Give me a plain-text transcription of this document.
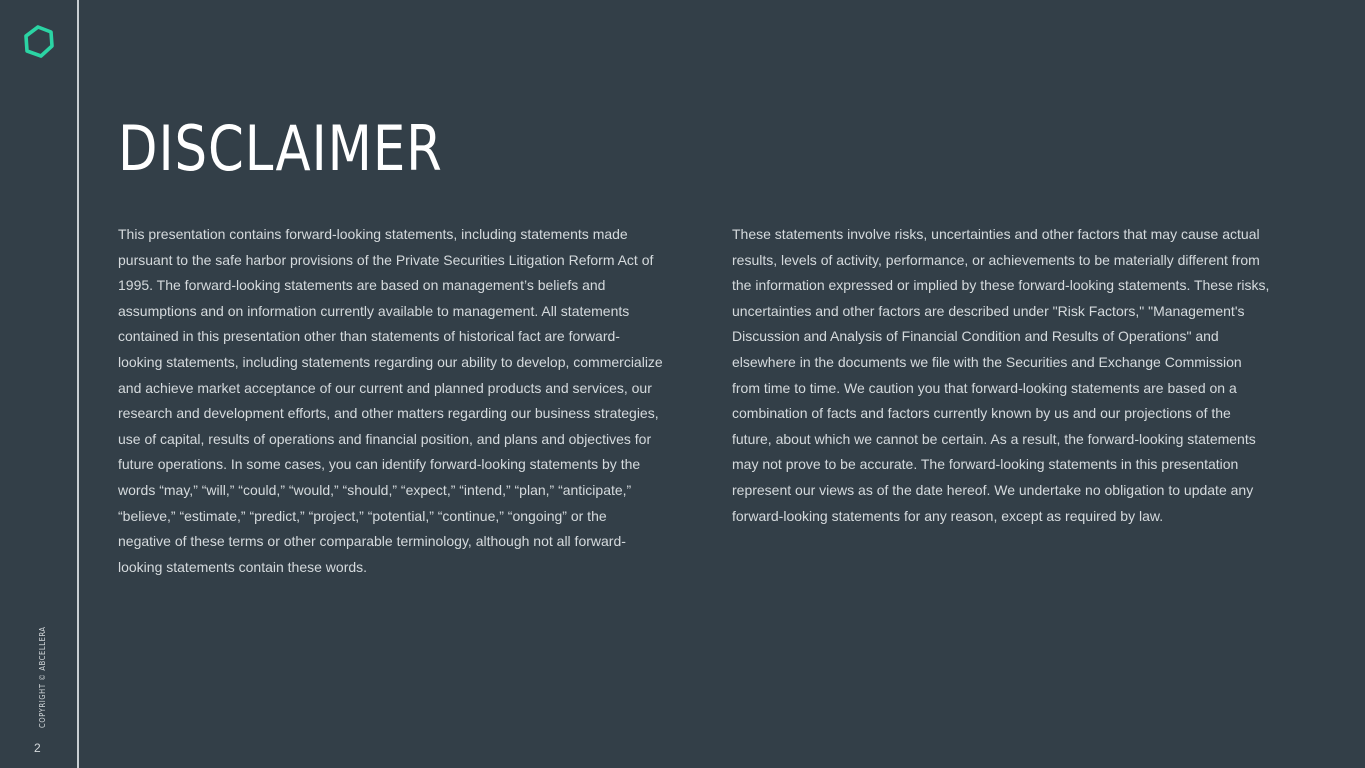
COPYRIGHT © ABCELLERA
2
DISCLAIMER

This presentation contains forward-looking statements, including statements made pursuant to the safe harbor provisions of the Private Securities Litigation Reform Act of 1995. The forward-looking statements are based on management’s beliefs and assumptions and on information currently available to management. All statements contained in this presentation other than statements of historical fact are forward-looking statements, including statements regarding our ability to develop, commercialize and achieve market acceptance of our current and planned products and services, our research and development efforts, and other matters regarding our business strategies, use of capital, results of operations and financial position, and plans and objectives for future operations. In some cases, you can identify forward-looking statements by the words “may,” “will,” “could,” “would,” “should,” “expect,” “intend,” “plan,” “anticipate,” “believe,” “estimate,” “predict,” “project,” “potential,” “continue,” “ongoing” or the negative of these terms or other comparable terminology, although not all forward-looking statements contain these words.

These statements involve risks, uncertainties and other factors that may cause actual results, levels of activity, performance, or achievements to be materially different from the information expressed or implied by these forward-looking statements. These risks, uncertainties and other factors are described under "Risk Factors," "Management's Discussion and Analysis of Financial Condition and Results of Operations" and elsewhere in the documents we file with the Securities and Exchange Commission from time to time. We caution you that forward-looking statements are based on a combination of facts and factors currently known by us and our projections of the future, about which we cannot be certain. As a result, the forward-looking statements may not prove to be accurate. The forward-looking statements in this presentation represent our views as of the date hereof. We undertake no obligation to update any forward-looking statements for any reason, except as required by law.
